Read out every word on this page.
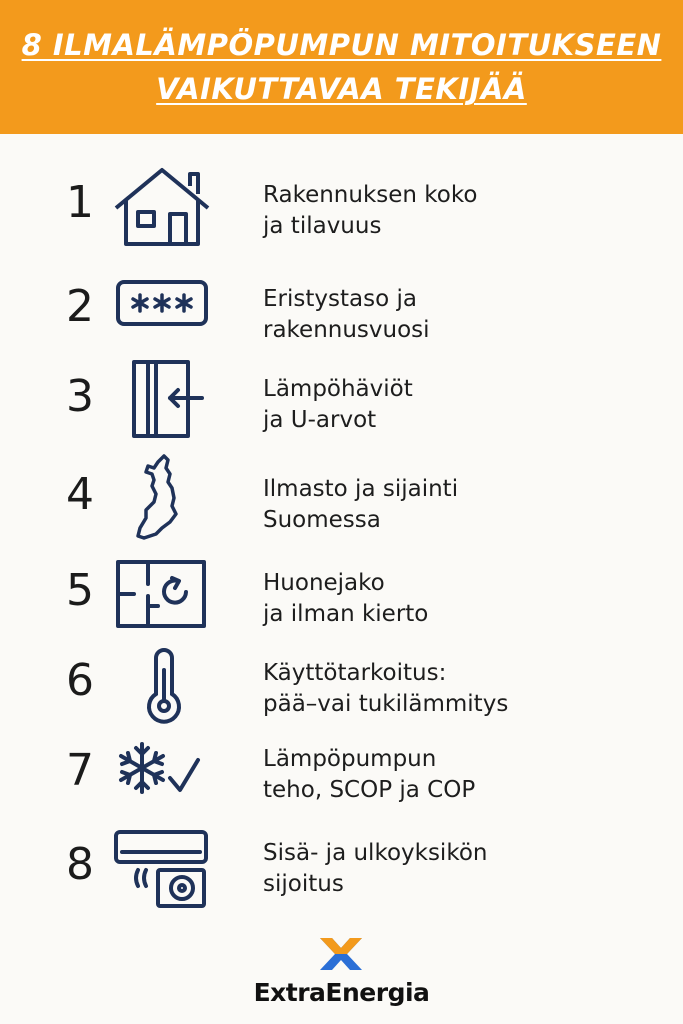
8 ILMALÄMPÖPUMPUN MITOITUKSEEN
VAIKUTTAVAA TEKIJÄÄ
1	Rakennuksen koko
ja tilavuus
2	Eristystaso ja
rakennusvuosi
3	Lämpöhäviöt
ja U-arvot
4	Ilmasto ja sijainti
Suomessa
5	Huonejako
ja ilman kierto
6	Käyttötarkoitus:
pää–vai tukilämmitys
7	Lämpöpumpun
teho, SCOP ja COP
8	Sisä- ja ulkoyksikön
sijoitus
ExtraEnergia
